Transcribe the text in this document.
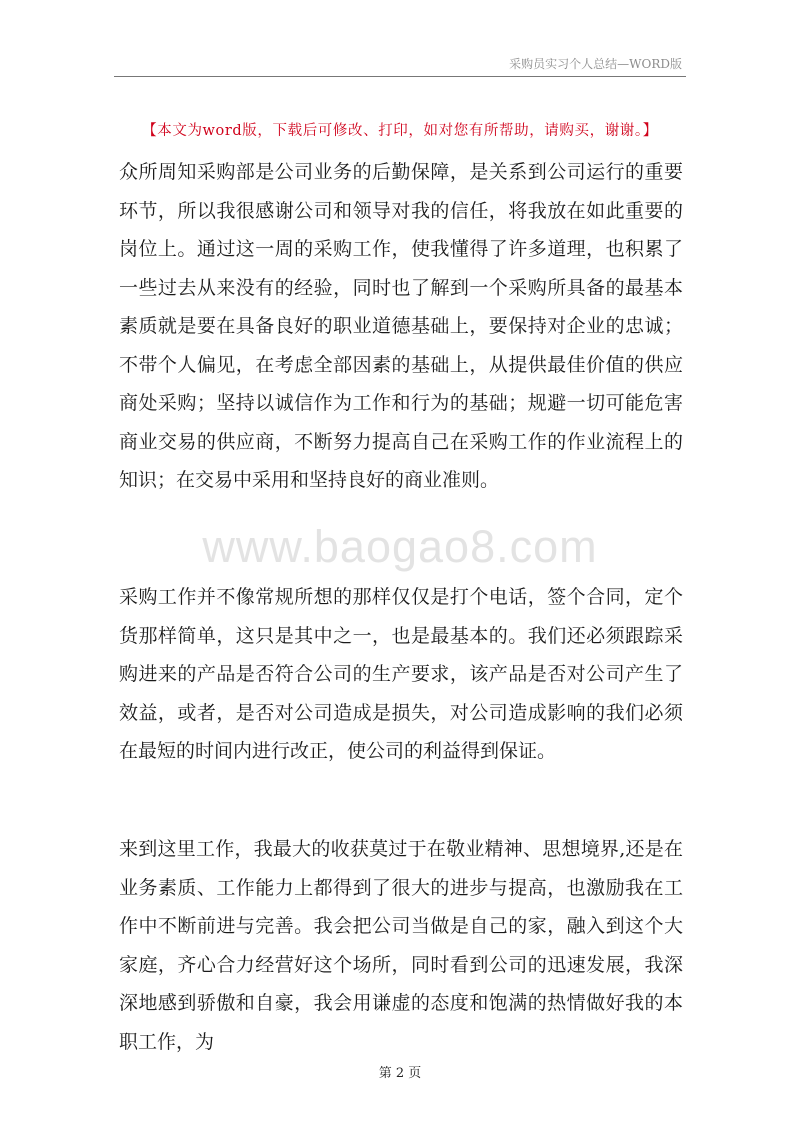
采购员实习个人总结—WORD版
【本文为word版，下载后可修改、打印，如对您有所帮助，请购买，谢谢。】

众所周知采购部是公司业务的后勤保障，是关系到公司运行的重要环节，所以我很感谢公司和领导对我的信任，将我放在如此重要的岗位上。通过这一周的采购工作，使我懂得了许多道理，也积累了一些过去从来没有的经验，同时也了解到一个采购所具备的最基本素质就是要在具备良好的职业道德基础上，要保持对企业的忠诚；不带个人偏见，在考虑全部因素的基础上，从提供最佳价值的供应商处采购；坚持以诚信作为工作和行为的基础；规避一切可能危害商业交易的供应商，不断努力提高自己在采购工作的作业流程上的知识；在交易中采用和坚持良好的商业准则。

www.baogao8.com

采购工作并不像常规所想的那样仅仅是打个电话，签个合同，定个货那样简单，这只是其中之一，也是最基本的。我们还必须跟踪采购进来的产品是否符合公司的生产要求，该产品是否对公司产生了效益，或者，是否对公司造成是损失，对公司造成影响的我们必须在最短的时间内进行改正，使公司的利益得到保证。

来到这里工作，我最大的收获莫过于在敬业精神、思想境界,还是在业务素质、工作能力上都得到了很大的进步与提高，也激励我在工作中不断前进与完善。我会把公司当做是自己的家，融入到这个大家庭，齐心合力经营好这个场所，同时看到公司的迅速发展，我深深地感到骄傲和自豪，我会用谦虚的态度和饱满的热情做好我的本职工作，为

第 2 页
